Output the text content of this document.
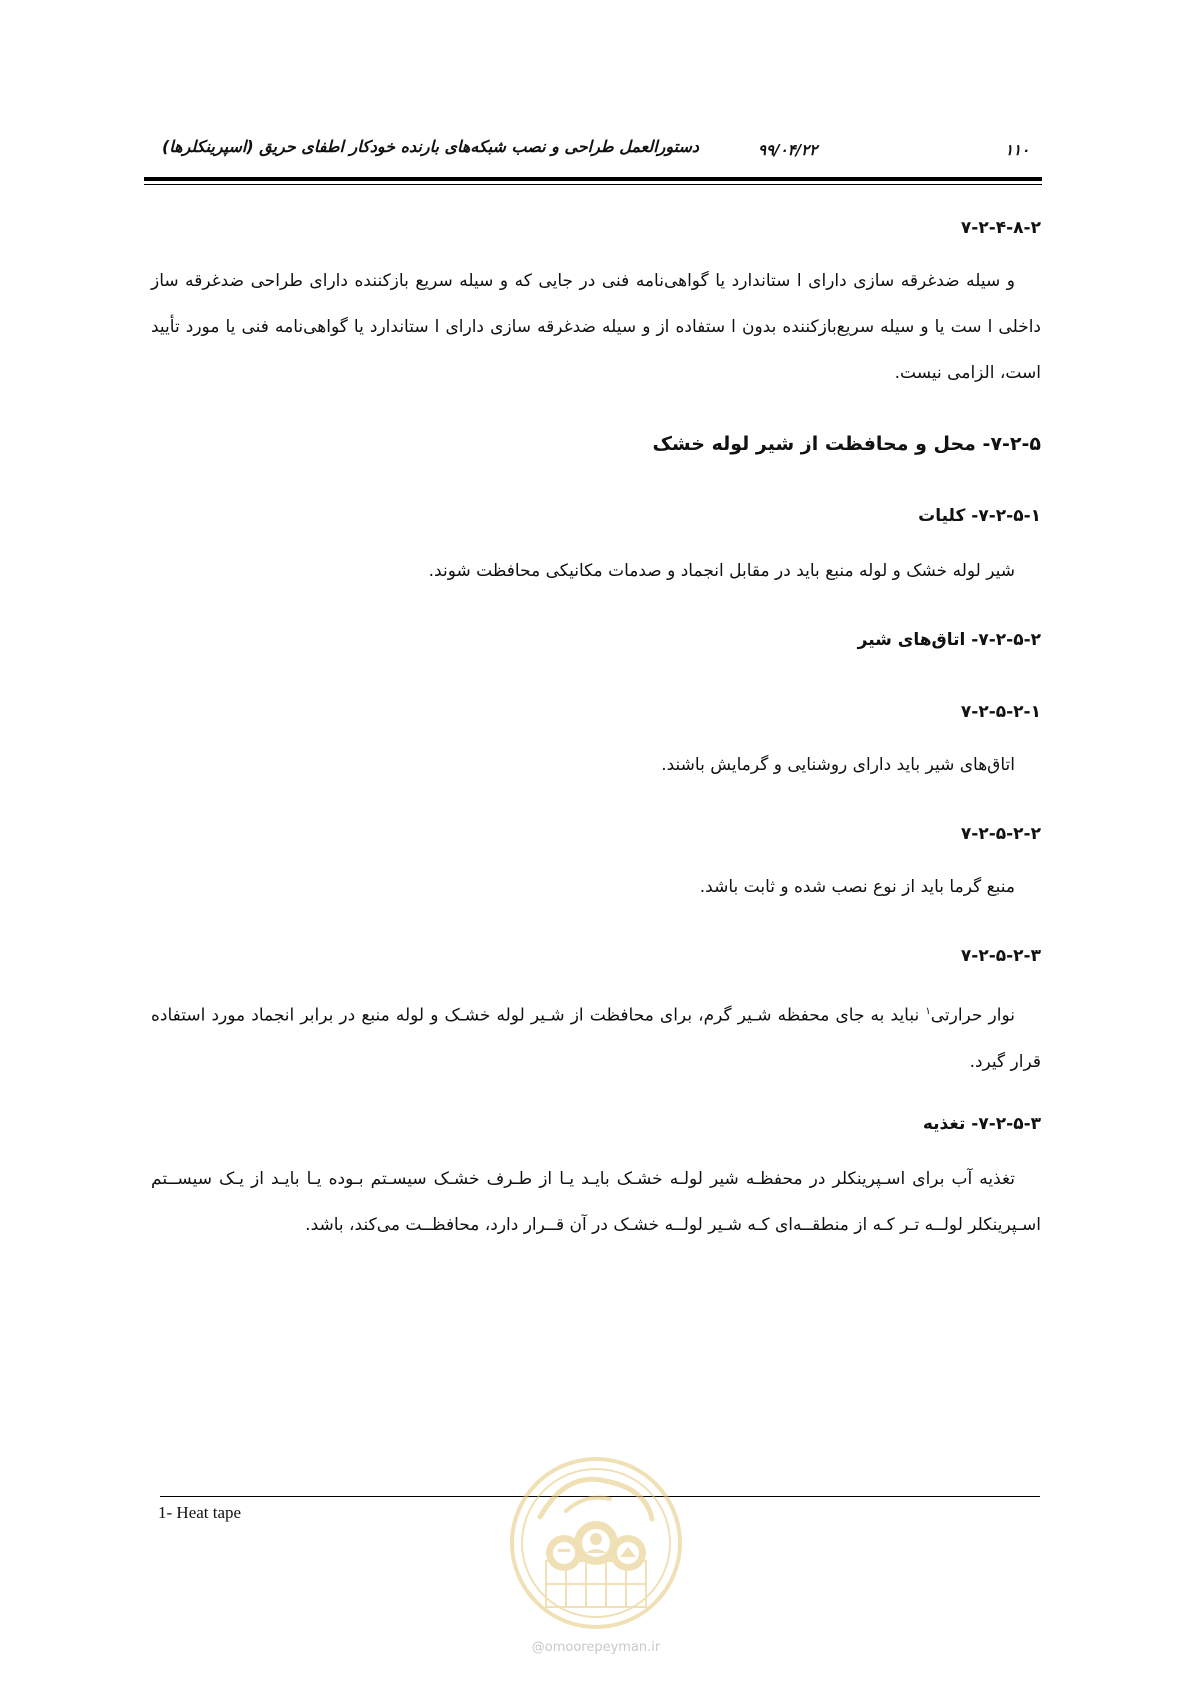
۱۱۰
۹۹/۰۴/۲۲
دستورالعمل طراحی و نصب شبکه‌های بارنده خودکار اطفای حریق (اسپرینکلرها)
۷-۲-۴-۸-۲
و سیله ضدغرقه سازی دارای ا ستاندارد یا گواهی‌نامه فنی در جایی که و سیله سریع بازکننده دارای طراحی ضدغرقه ساز داخلی ا ست یا و سیله سریع‌بازکننده بدون ا ستفاده از و سیله ضدغرقه سازی دارای ا ستاندارد یا گواهی‌نامه فنی یا مورد تأیید است، الزامی نیست.
۷-۲-۵- محل و محافظت از شیر لوله خشک
۷-۲-۵-۱- کلیات
شیر لوله خشک و لوله منبع باید در مقابل انجماد و صدمات مکانیکی محافظت شوند.
۷-۲-۵-۲- اتاق‌های شیر
۷-۲-۵-۲-۱
اتاق‌های شیر باید دارای روشنایی و گرمایش باشند.
۷-۲-۵-۲-۲
منبع گرما باید از نوع نصب شده و ثابت باشد.
۷-۲-۵-۲-۳
نوار حرارتی$^۱$ نباید به جای محفظه شـیر گرم، برای محافظت از شـیر لوله خشـک و لوله منبع در برابر انجماد مورد استفاده قرار گیرد.
۷-۲-۵-۳- تغذیه
تغذیه آب برای اسـپرینکلر در محفظـه شیر لولـه خشـک بایـد یـا از طـرف خشـک سیسـتم بـوده یـا بایـد از یـک سیســتم اسـپرینکلر لولــه تـر کـه از منطقــه‌ای کـه شـیر لولــه خشـک در آن قــرار دارد، محافظــت می‌کند، باشد.
1- Heat tape
@omoorepeyman.ir
